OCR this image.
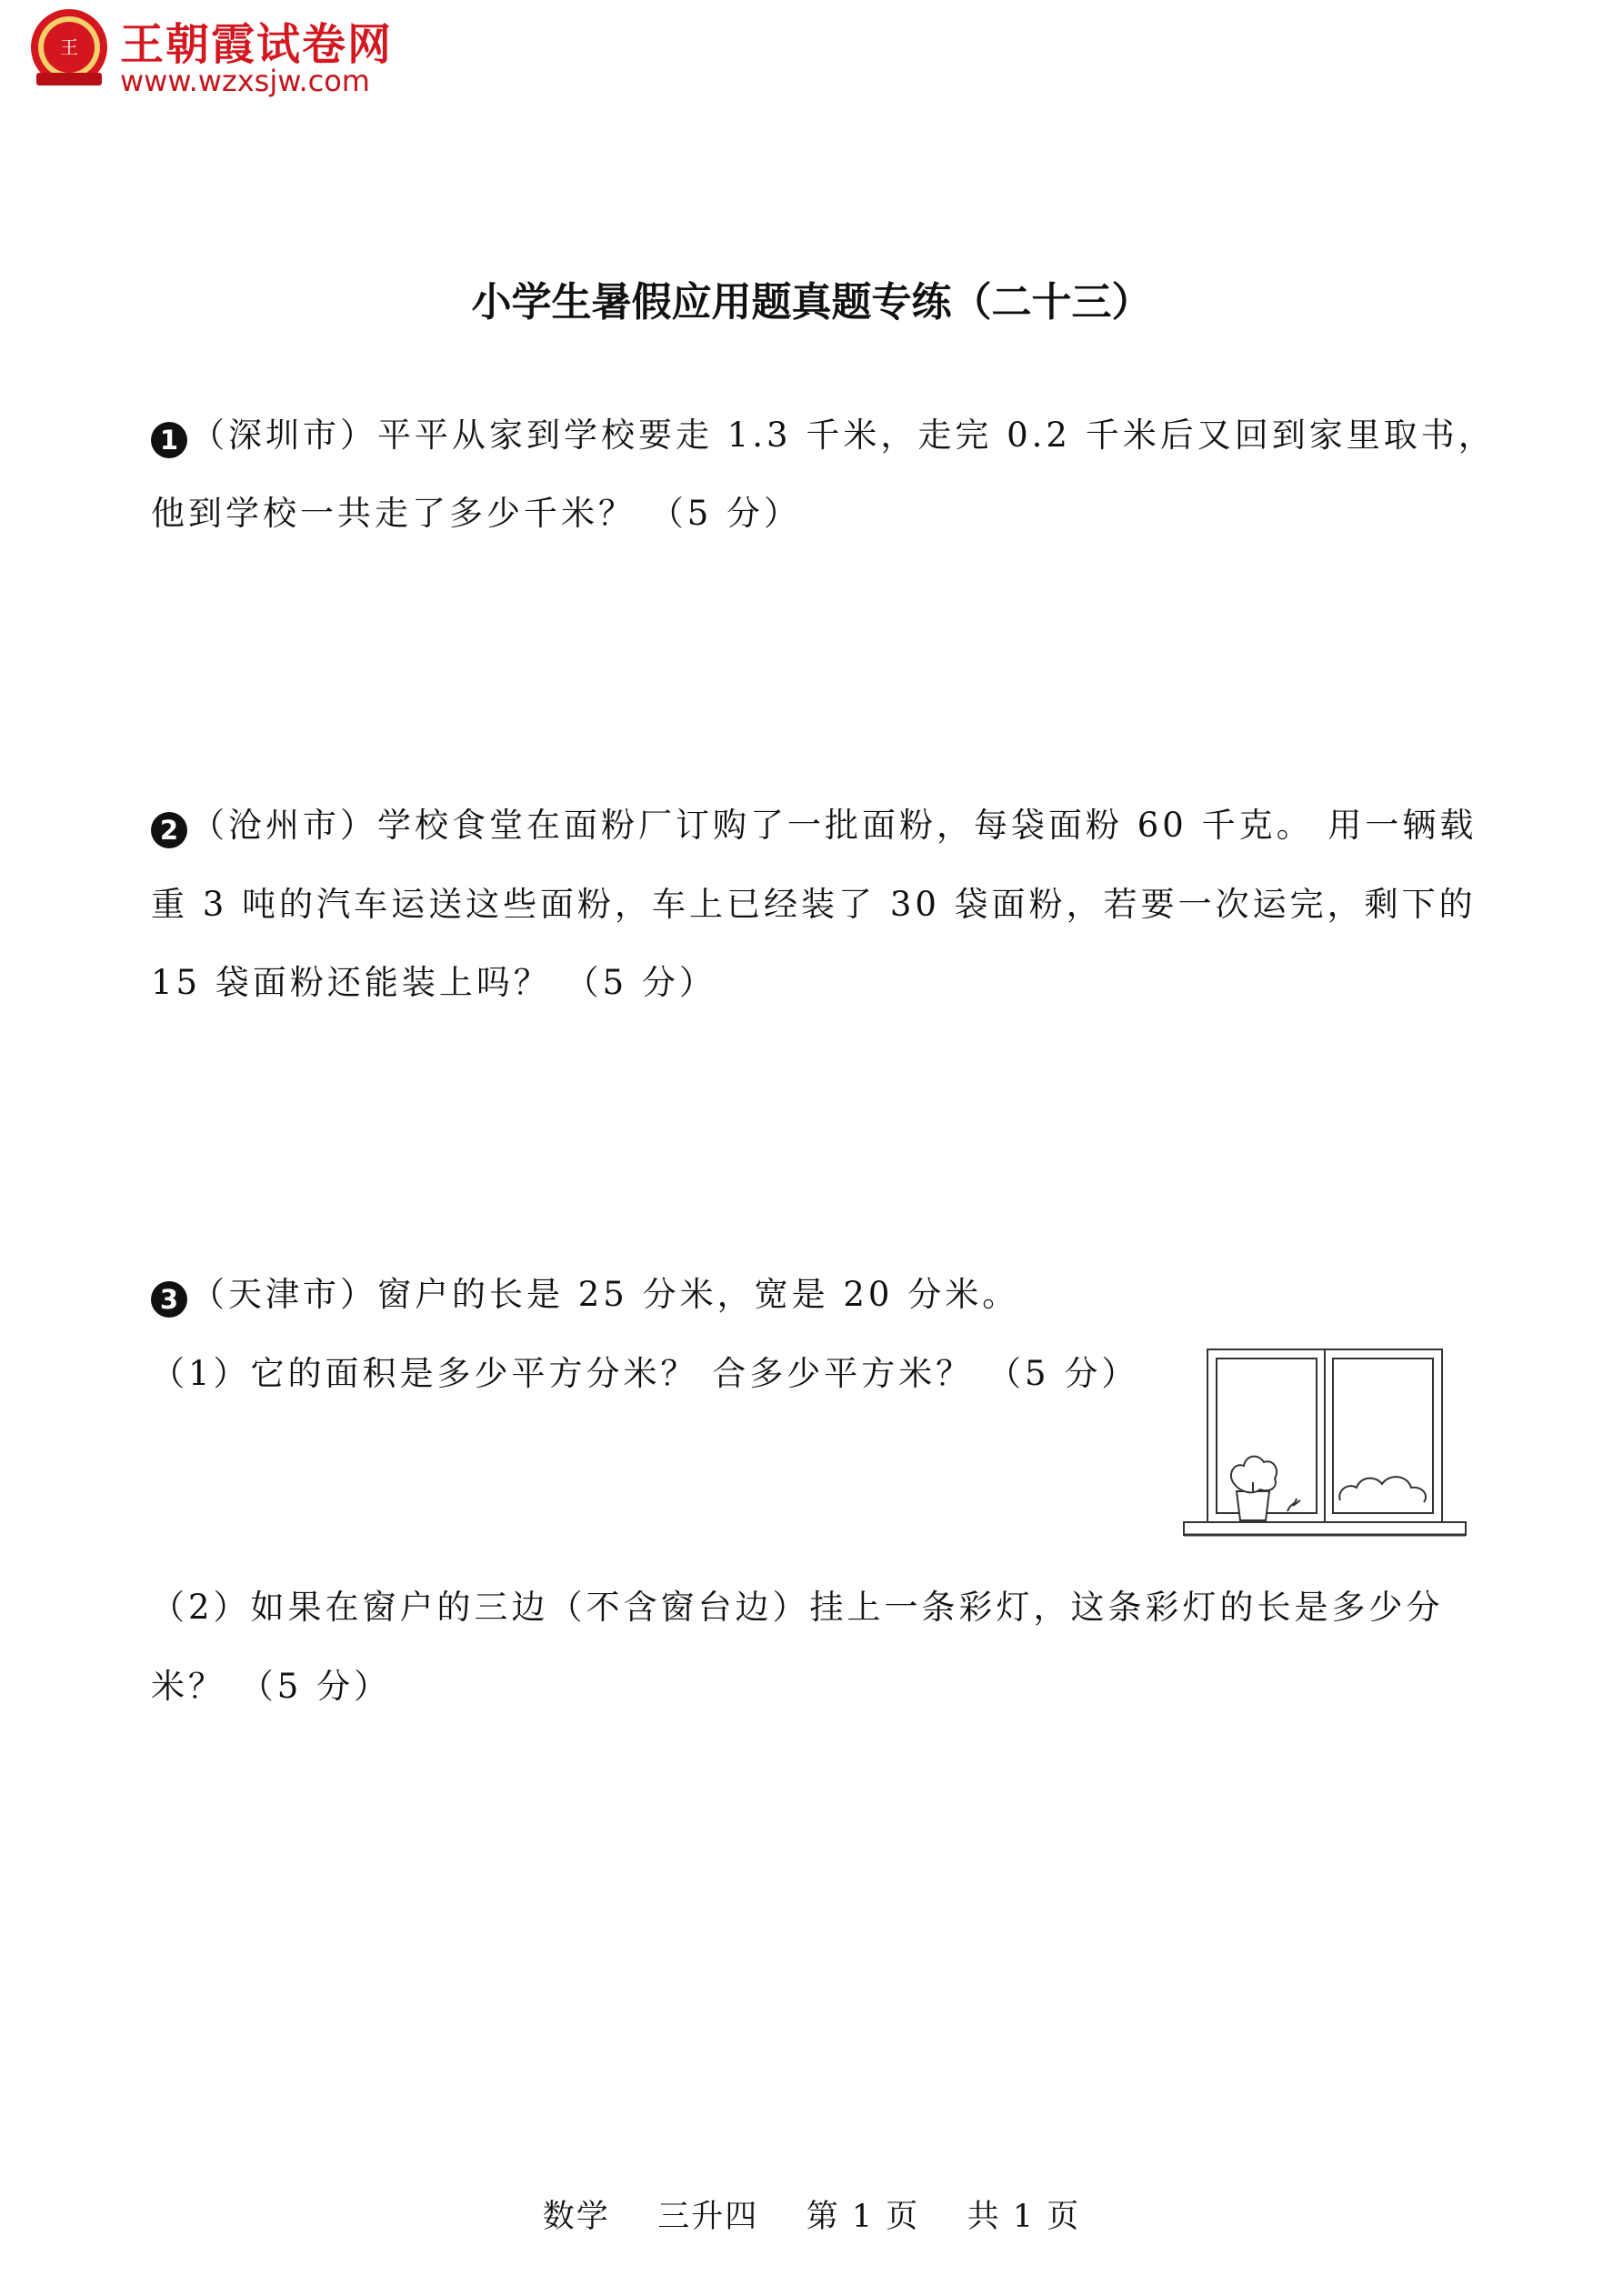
王 王朝霞试卷网
www.wzxsjw.com
小学生暑假应用题真题专练（二十三）
1 （深圳市）平平从家到学校要走 1.3 千米，走完 0.2 千米后又回到家里取书，
他到学校一共走了多少千米？ （5 分）
2 （沧州市）学校食堂在面粉厂订购了一批面粉，每袋面粉 60 千克。 用一辆载
重 3 吨的汽车运送这些面粉，车上已经装了 30 袋面粉，若要一次运完，剩下的
15 袋面粉还能装上吗？ （5 分）
3 （天津市）窗户的长是 25 分米，宽是 20 分米。
（1）它的面积是多少平方分米？ 合多少平方米？ （5 分）
（2）如果在窗户的三边（不含窗台边）挂上一条彩灯，这条彩灯的长是多少分
米？ （5 分）
数学    三升四    第 1 页    共 1 页
